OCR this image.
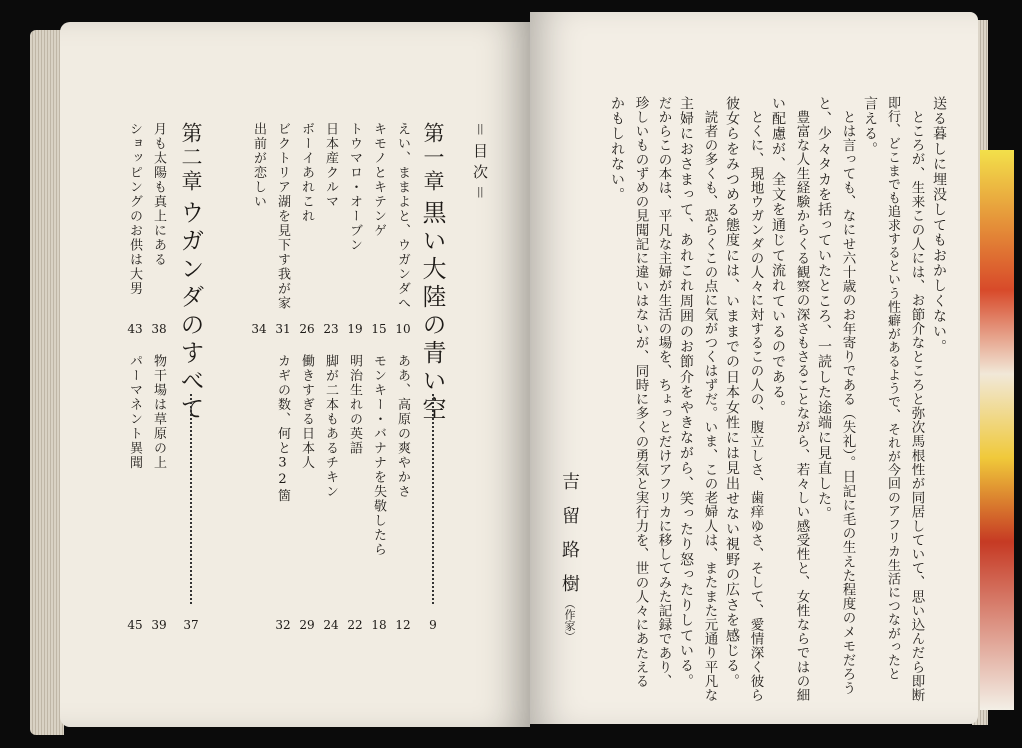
＝目次＝
第一章
黒い大陸の青い空
9
第二章
ウガンダのすべて
37
えい、ままよと、ウガンダへ
10
ああ、高原の爽やかさ
12
キモノとキテンゲ
15
モンキー・バナナを失敬したら
18
トウマロ・オーブン
19
明治生れの英語
22
日本産クルマ
23
脚が二本もあるチキン
24
ボーイあれこれ
26
働きすぎる日本人
29
ビクトリア湖を見下す我が家
31
カギの数、何と32箇
32
出前が恋しい
34
月も太陽も真上にある
38
物干場は草原の上
39
ショッピングのお供は大男
43
パーマネント異聞
45
吉留路樹
（作家）
送る暮しに埋没してもおかしくない。
ところが、生来この人には、お節介なところと弥次馬根性が同居していて、思い込んだら即断
即行、どこまでも追求するという性癖があるようで、それが今回のアフリカ生活につながったと
言える。
とは言っても、なにせ六十歳のお年寄りである（失礼）。日記に毛の生えた程度のメモだろう
と、少々タカを括っていたところ、一読した途端に見直した。
豊富な人生経験からくる観察の深さもさることながら、若々しい感受性と、女性ならではの細
い配慮が、全文を通じて流れているのである。
とくに、現地ウガンダの人々に対するこの人の、腹立しさ、歯痒ゆさ、そして、愛情深く彼ら
彼女らをみつめる態度には、いままでの日本女性には見出せない視野の広さを感じる。
読者の多くも、恐らくこの点に気がつくはずだ。いま、この老婦人は、またまた元通り平凡な
主婦におさまって、あれこれ周囲のお節介をやきながら、笑ったり怒ったりしている。
だからこの本は、平凡な主婦が生活の場を、ちょっとだけアフリカに移してみた記録であり、
珍しいものずめの見聞記に違いはないが、同時に多くの勇気と実行力を、世の人々にあたえる
かもしれない。
